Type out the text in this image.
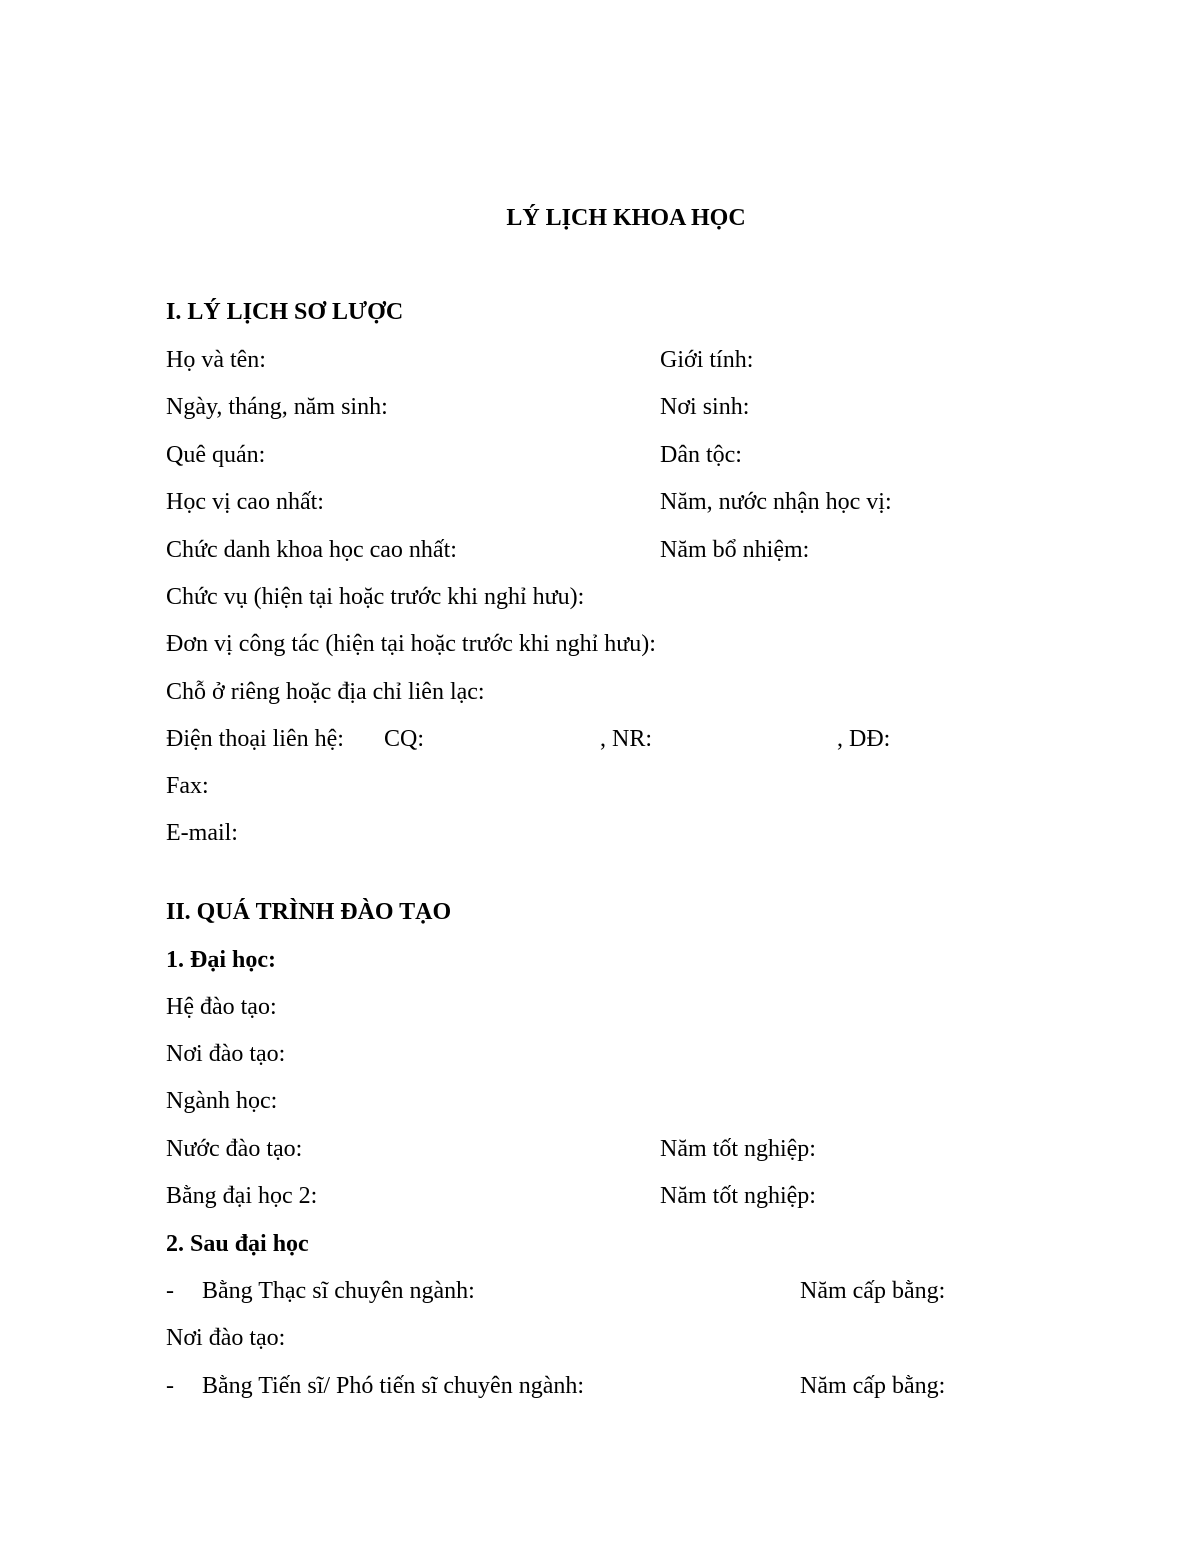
LÝ LỊCH KHOA HỌC
I. LÝ LỊCH SƠ LƯỢC
Họ và tên:	Giới tính:
Ngày, tháng, năm sinh:	Nơi sinh:
Quê quán:	Dân tộc:
Học vị cao nhất:	Năm, nước nhận học vị:
Chức danh khoa học cao nhất:	Năm bổ nhiệm:
Chức vụ (hiện tại hoặc trước khi nghỉ hưu):
Đơn vị công tác (hiện tại hoặc trước khi nghỉ hưu):
Chỗ ở riêng hoặc địa chỉ liên lạc:
Điện thoại liên hệ: CQ:	, NR:	, DĐ:
Fax:
E-mail:
II. QUÁ TRÌNH ĐÀO TẠO
1. Đại học:
Hệ đào tạo:
Nơi đào tạo:
Ngành học:
Nước đào tạo:	Năm tốt nghiệp:
Bằng đại học 2:	Năm tốt nghiệp:
2. Sau đại học
- Bằng Thạc sĩ chuyên ngành:	Năm cấp bằng:
Nơi đào tạo:
- Bằng Tiến sĩ/ Phó tiến sĩ chuyên ngành:	Năm cấp bằng:
